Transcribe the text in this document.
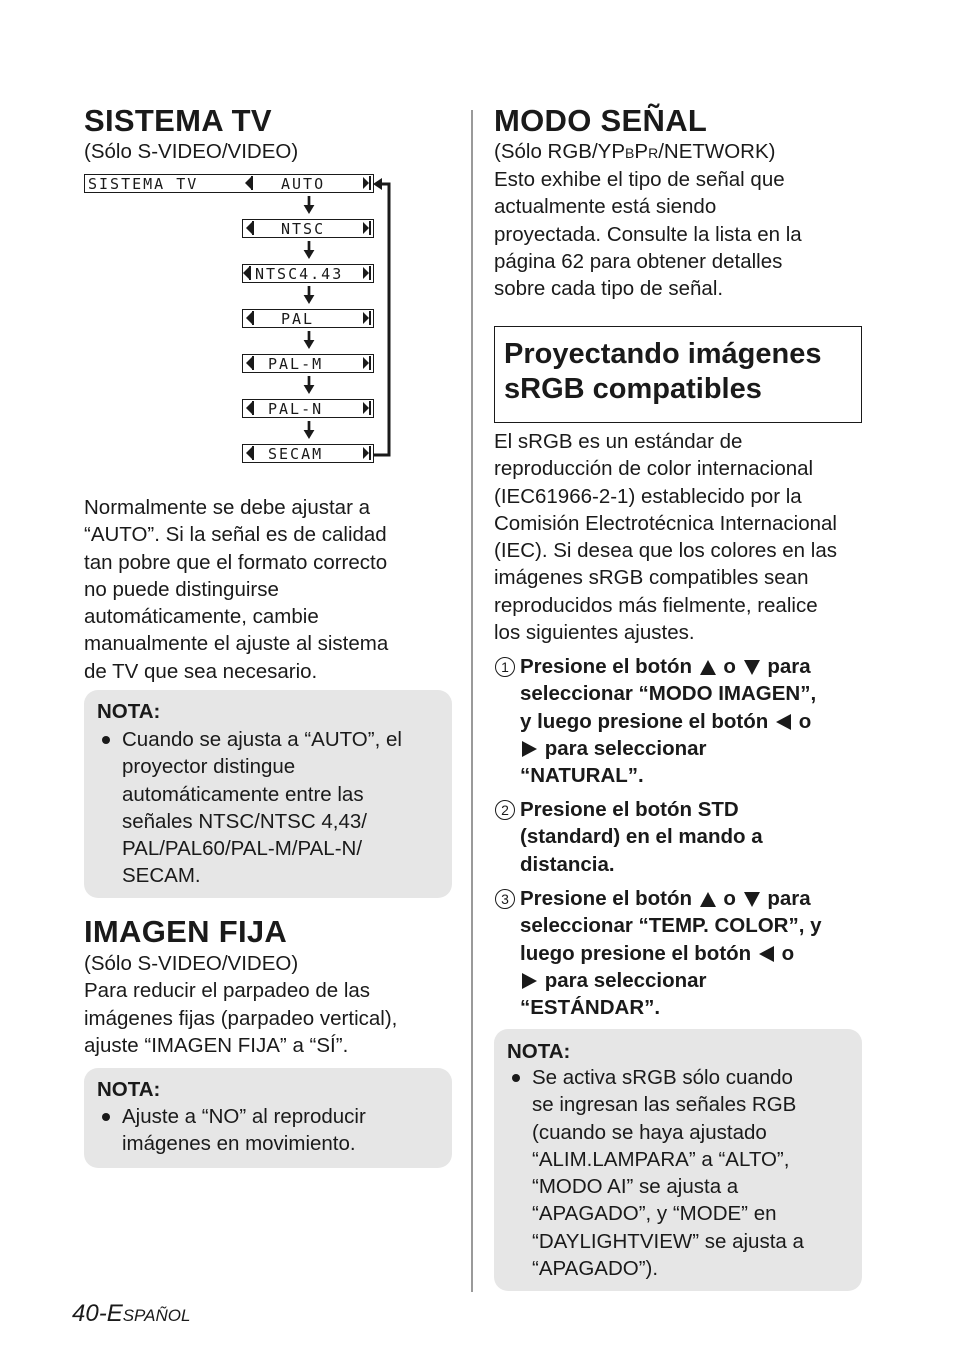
SISTEMA TV
(Sólo S-VIDEO/VIDEO)

SISTEMA TV

	AUTO

NTSC

NTSC4.43

PAL

PAL-M

PAL-N

SECAM

Normalmente se debe ajustar a
“AUTO”. Si la señal es de calidad
tan pobre que el formato correcto
no puede distinguirse
automáticamente, cambie
manualmente el ajuste al sistema
de TV que sea necesario.
NOTA:
Cuando se ajusta a “AUTO”, el
proyector distingue
automáticamente entre las
señales NTSC/NTSC 4,43/
PAL/PAL60/PAL-M/PAL-N/
SECAM.
IMAGEN FIJA
(Sólo S-VIDEO/VIDEO)
Para reducir el parpadeo de las
imágenes fijas (parpadeo vertical),
ajuste “IMAGEN FIJA” a “SÍ”.
NOTA:
Ajuste a “NO” al reproducir
imágenes en movimiento.
40-ESPAÑOL
MODO SEÑAL
(Sólo RGB/YPBPR/NETWORK)
Esto exhibe el tipo de señal que
actualmente está siendo
proyectada. Consulte la lista en la
página 62 para obtener detalles
sobre cada tipo de señal.
Proyectando imágenes
sRGB compatibles
El sRGB es un estándar de
reproducción de color internacional
(IEC61966-2-1) establecido por la
Comisión Electrotécnica Internacional
(IEC). Si desea que los colores en las
imágenes sRGB compatibles sean
reproducidos más fielmente, realice
los siguientes ajustes.
1 Presione el botón o para
seleccionar “MODO IMAGEN”,
y luego presione el botón o
para seleccionar
“NATURAL”.
2 Presione el botón STD
(standard) en el mando a
distancia.
3 Presione el botón o para
seleccionar “TEMP. COLOR”, y
luego presione el botón o
para seleccionar
“ESTÁNDAR”.
NOTA:
Se activa sRGB sólo cuando
se ingresan las señales RGB
(cuando se haya ajustado
“ALIM.LAMPARA” a “ALTO”,
“MODO AI” se ajusta a
“APAGADO”, y “MODE” en
“DAYLIGHTVIEW” se ajusta a
“APAGADO”).
